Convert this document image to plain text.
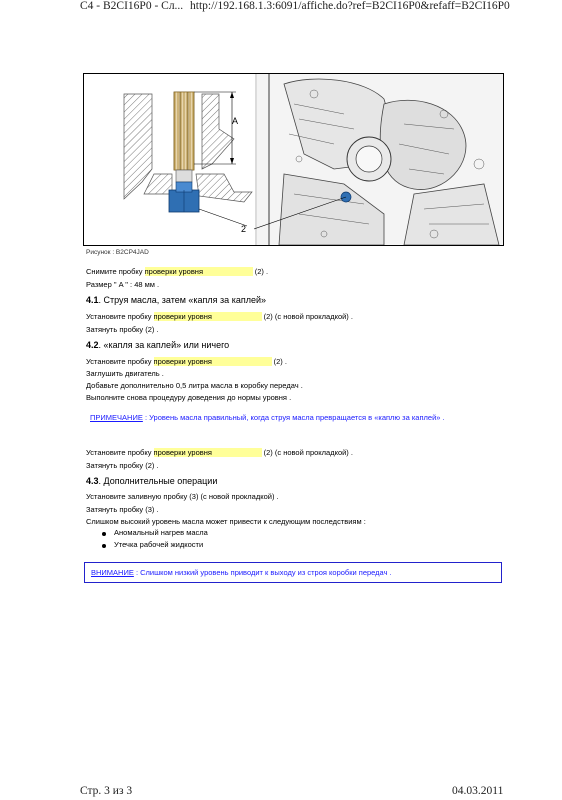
C4 - B2CI16P0 - Сл... http://192.168.1.3:6091/affiche.do?ref=B2CI16P0&refaff=B2CI16P0
A
2
Рисунок : B2CP4JAD
Снимите пробку проверки уровня	(2) .
Размер " A " : 48 мм .
4.1. Струя масла, затем «капля за каплей»
Установите пробку проверки уровня	(2) (с новой прокладкой) .
Затянуть пробку (2) .
4.2. «капля за каплей» или ничего
Установите пробку проверки уровня	(2) .
Заглушить двигатель .
Добавьте дополнительно 0,5 литра масла в коробку передач .
Выполните снова процедуру доведения до нормы уровня .
ПРИМЕЧАНИЕ : Уровень масла правильный, когда струя масла превращается в «каплю за каплей» .
Установите пробку проверки уровня	(2) (с новой прокладкой) .
Затянуть пробку (2) .
4.3. Дополнительные операции
Установите заливную пробку (3) (с новой прокладкой) .
Затянуть пробку (3) .
Слишком высокий уровень масла может привести к следующим последствиям :
Аномальный нагрев масла
Утечка рабочей жидкости
ВНИМАНИЕ : Слишком низкий уровень приводит к выходу из строя коробки передач .
Стр. 3 из 3	04.03.2011
